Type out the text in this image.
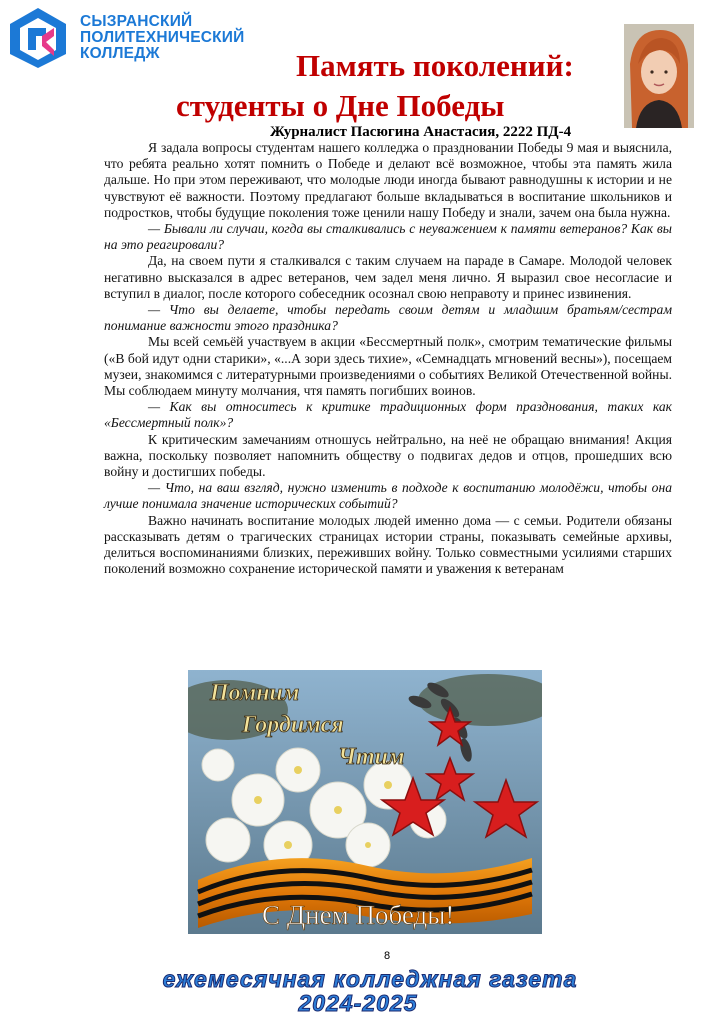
СЫЗРАНСКИЙ
ПОЛИТЕХНИЧЕСКИЙ
КОЛЛЕДЖ	Память поколений:
студенты о Дне Победы
Журналист Пасюгина Анастасия, 2222 ПД-4

Я задала вопросы студентам нашего колледжа о праздновании Победы 9 мая и выяснила, что ребята реально хотят помнить о Победе и делают всё возможное, чтобы эта память жила дальше. Но при этом переживают, что молодые люди иногда бывают равнодушны к истории и не чувствуют её важности. Поэтому предлагают больше вкладываться в воспитание школьников и подростков, чтобы будущие поколения тоже ценили нашу Победу и знали, зачем она была нужна.

— Бывали ли случаи, когда вы сталкивались с неуважением к памяти ветеранов? Как вы на это реагировали?

Да, на своем пути я сталкивался с таким случаем на параде в Самаре. Молодой человек негативно высказался в адрес ветеранов, чем задел меня лично. Я выразил свое несогласие и вступил в диалог, после которого собеседник осознал свою неправоту и принес извинения.

— Что вы делаете, чтобы передать своим детям и младшим братьям/сестрам понимание важности этого праздника?

Мы всей семьёй участвуем в акции «Бессмертный полк», смотрим тематические фильмы («В бой идут одни старики», «...А зори здесь тихие», «Семнадцать мгновений весны»), посещаем музеи, знакомимся с литературными произведениями о событиях Великой Отечественной войны. Мы соблюдаем минуту молчания, чтя память погибших воинов.

— Как вы относитесь к критике традиционных форм празднования, таких как «Бессмертный полк»?

К критическим замечаниям отношусь нейтрально, на неё не обращаю внимания! Акция важна, поскольку позволяет напомнить обществу о подвигах дедов и отцов, прошедших всю войну и достигших победы.

— Что, на ваш взгляд, нужно изменить в подходе к воспитанию молодёжи, чтобы она лучше понимала значение исторических событий?

Важно начинать воспитание молодых людей именно дома — с семьи. Родители обязаны рассказывать детям о трагических страницах истории страны, показывать семейные архивы, делиться воспоминаниями близких, переживших войну. Только совместными усилиями старших поколений возможно сохранение исторической памяти и уважения к ветеранам

Помним
Гордимся
Чтим
С Днем Победы!
8
ежемесячная колледжная газета
2024-2025
